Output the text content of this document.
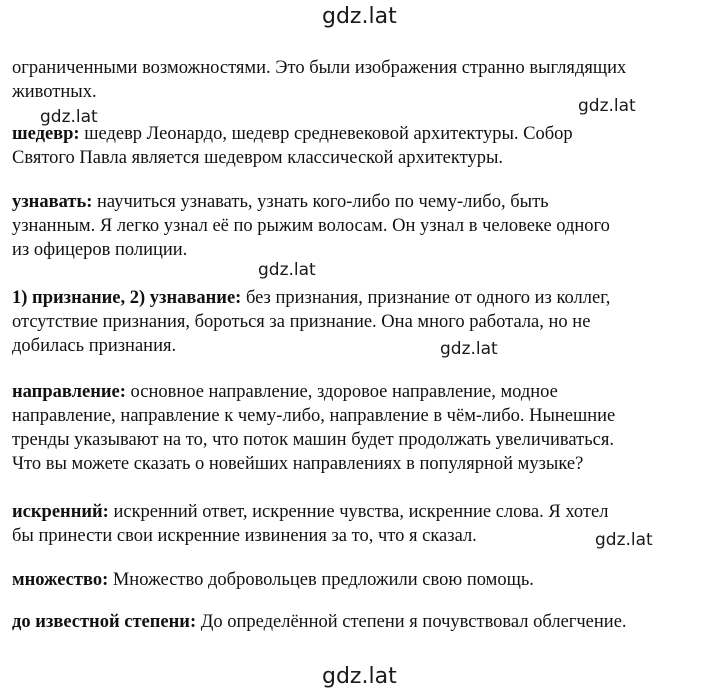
gdz.lat
ограниченными возможностями. Это были изображения странно выглядящих
животных.
gdz.lat
gdz.lat
шедевр: шедевр Леонардо, шедевр средневековой архитектуры. Собор
Святого Павла является шедевром классической архитектуры.
узнавать: научиться узнавать, узнать кого-либо по чему-либо, быть
узнанным. Я легко узнал её по рыжим волосам. Он узнал в человеке одного
из офицеров полиции.
gdz.lat
1) признание, 2) узнавание: без признания, признание от одного из коллег,
отсутствие признания, бороться за признание. Она много работала, но не
добилась признания.	gdz.lat
направление: основное направление, здоровое направление, модное
направление, направление к чему-либо, направление в чём-либо. Нынешние
тренды указывают на то, что поток машин будет продолжать увеличиваться.
Что вы можете сказать о новейших направлениях в популярной музыке?
искренний: искренний ответ, искренние чувства, искренние слова. Я хотел
бы принести свои искренние извинения за то, что я сказал.	gdz.lat
множество: Множество добровольцев предложили свою помощь.
до известной степени: До определённой степени я почувствовал облегчение.
gdz.lat
